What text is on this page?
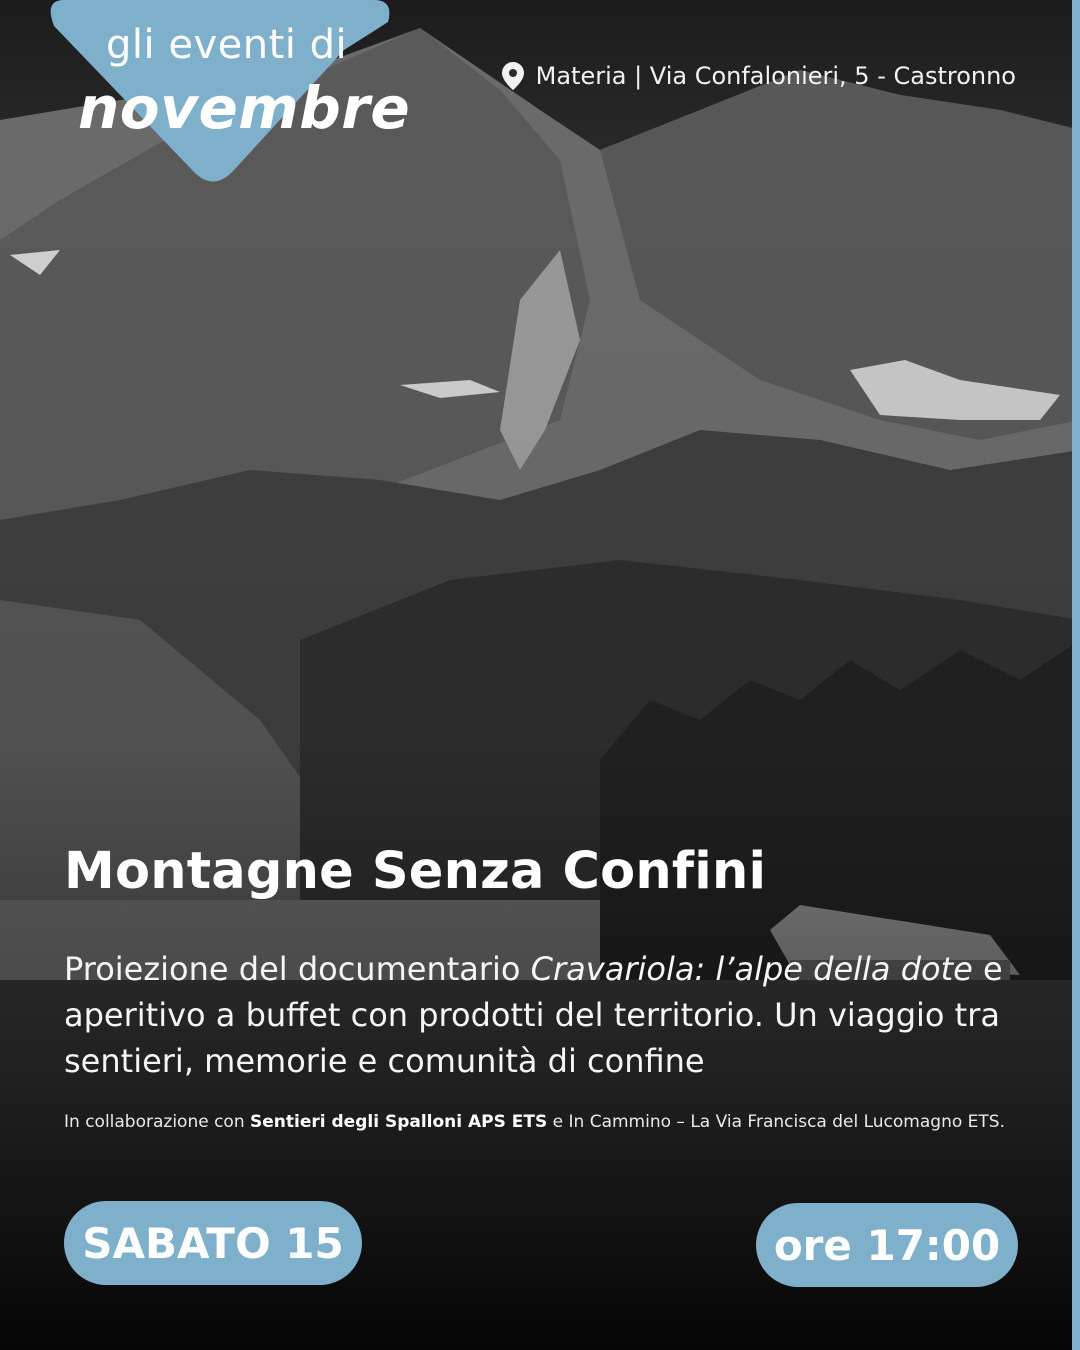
gli eventi di
novembre	Materia | Via Confalonieri, 5 - Castronno
Montagne Senza Confini

Proiezione del documentario Cravariola: l’alpe della dote e aperitivo a buffet con prodotti del territorio. Un viaggio tra sentieri, memorie e comunità di confine

In collaborazione con Sentieri degli Spalloni APS ETS e In Cammino – La Via Francisca del Lucomagno ETS.

SABATO 15	ore 17:00
